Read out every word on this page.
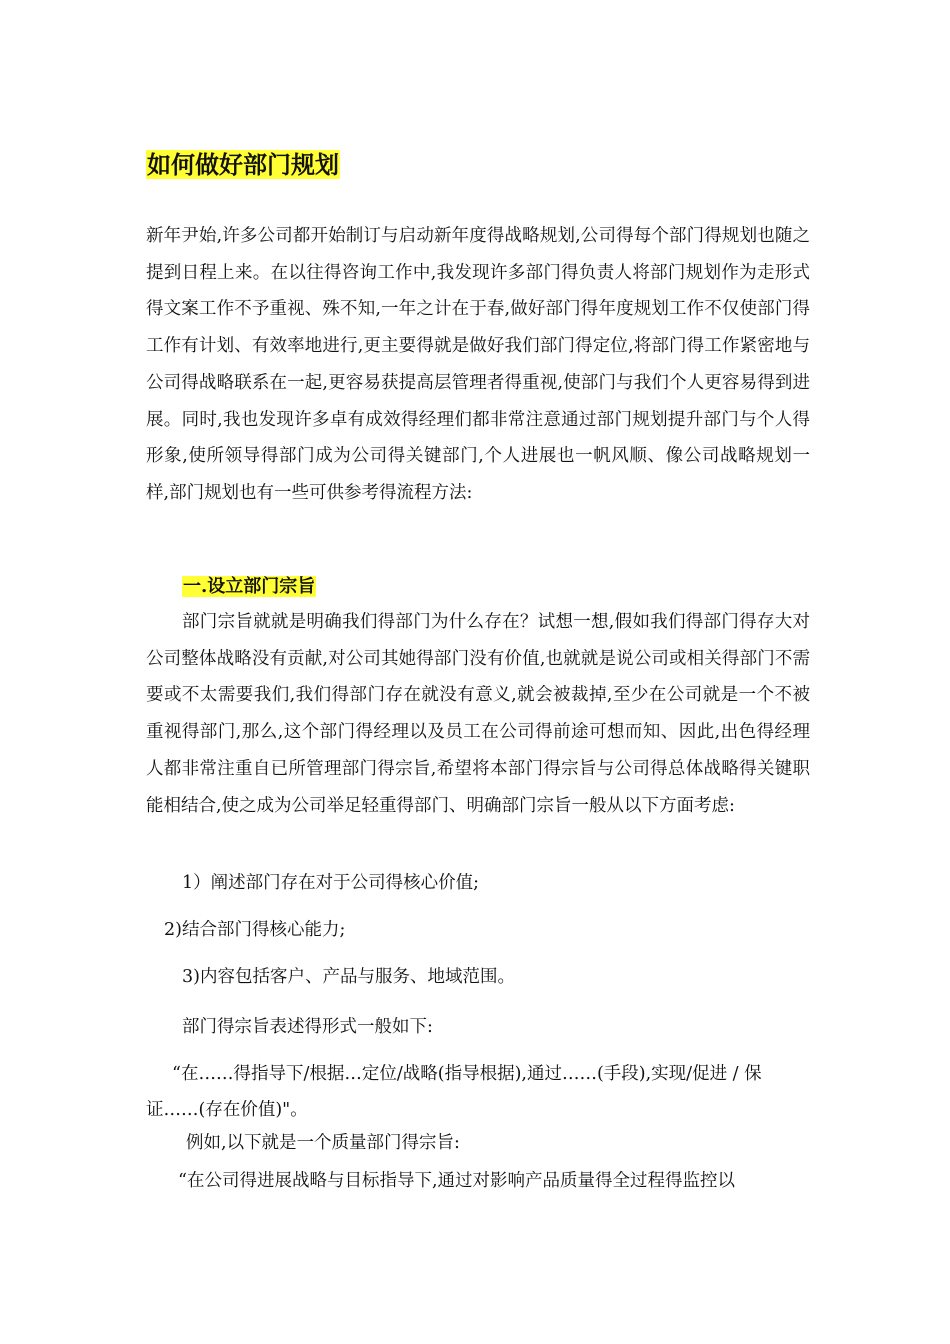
如何做好部门规划
新年尹始,许多公司都开始制订与启动新年度得战略规划,公司得每个部门得规划也随之提到日程上来。在以往得咨询工作中,我发现许多部门得负责人将部门规划作为走形式得文案工作不予重视、殊不知,一年之计在于春,做好部门得年度规划工作不仅使部门得工作有计划、有效率地进行,更主要得就是做好我们部门得定位,将部门得工作紧密地与公司得战略联系在一起,更容易获提高层管理者得重视,使部门与我们个人更容易得到进展。同时,我也发现许多卓有成效得经理们都非常注意通过部门规划提升部门与个人得形象,使所领导得部门成为公司得关键部门,个人进展也一帆风顺、像公司战略规划一样,部门规划也有一些可供参考得流程方法:
一.设立部门宗旨
部门宗旨就就是明确我们得部门为什么存在？试想一想,假如我们得部门得存大对公司整体战略没有贡献,对公司其她得部门没有价值,也就就是说公司或相关得部门不需要或不太需要我们,我们得部门存在就没有意义,就会被裁掉,至少在公司就是一个不被重视得部门,那么,这个部门得经理以及员工在公司得前途可想而知、因此,出色得经理人都非常注重自已所管理部门得宗旨,希望将本部门得宗旨与公司得总体战略得关键职能相结合,使之成为公司举足轻重得部门、明确部门宗旨一般从以下方面考虑:
1）阐述部门存在对于公司得核心价值;
2)结合部门得核心能力;
3)内容包括客户、产品与服务、地域范围。
部门得宗旨表述得形式一般如下:
“在……得指导下/根据…定位/战略(指导根据),通过……(手段),实现/促进 / 保证……(存在价值)"。
例如,以下就是一个质量部门得宗旨:
“在公司得进展战略与目标指导下,通过对影响产品质量得全过程得监控以
